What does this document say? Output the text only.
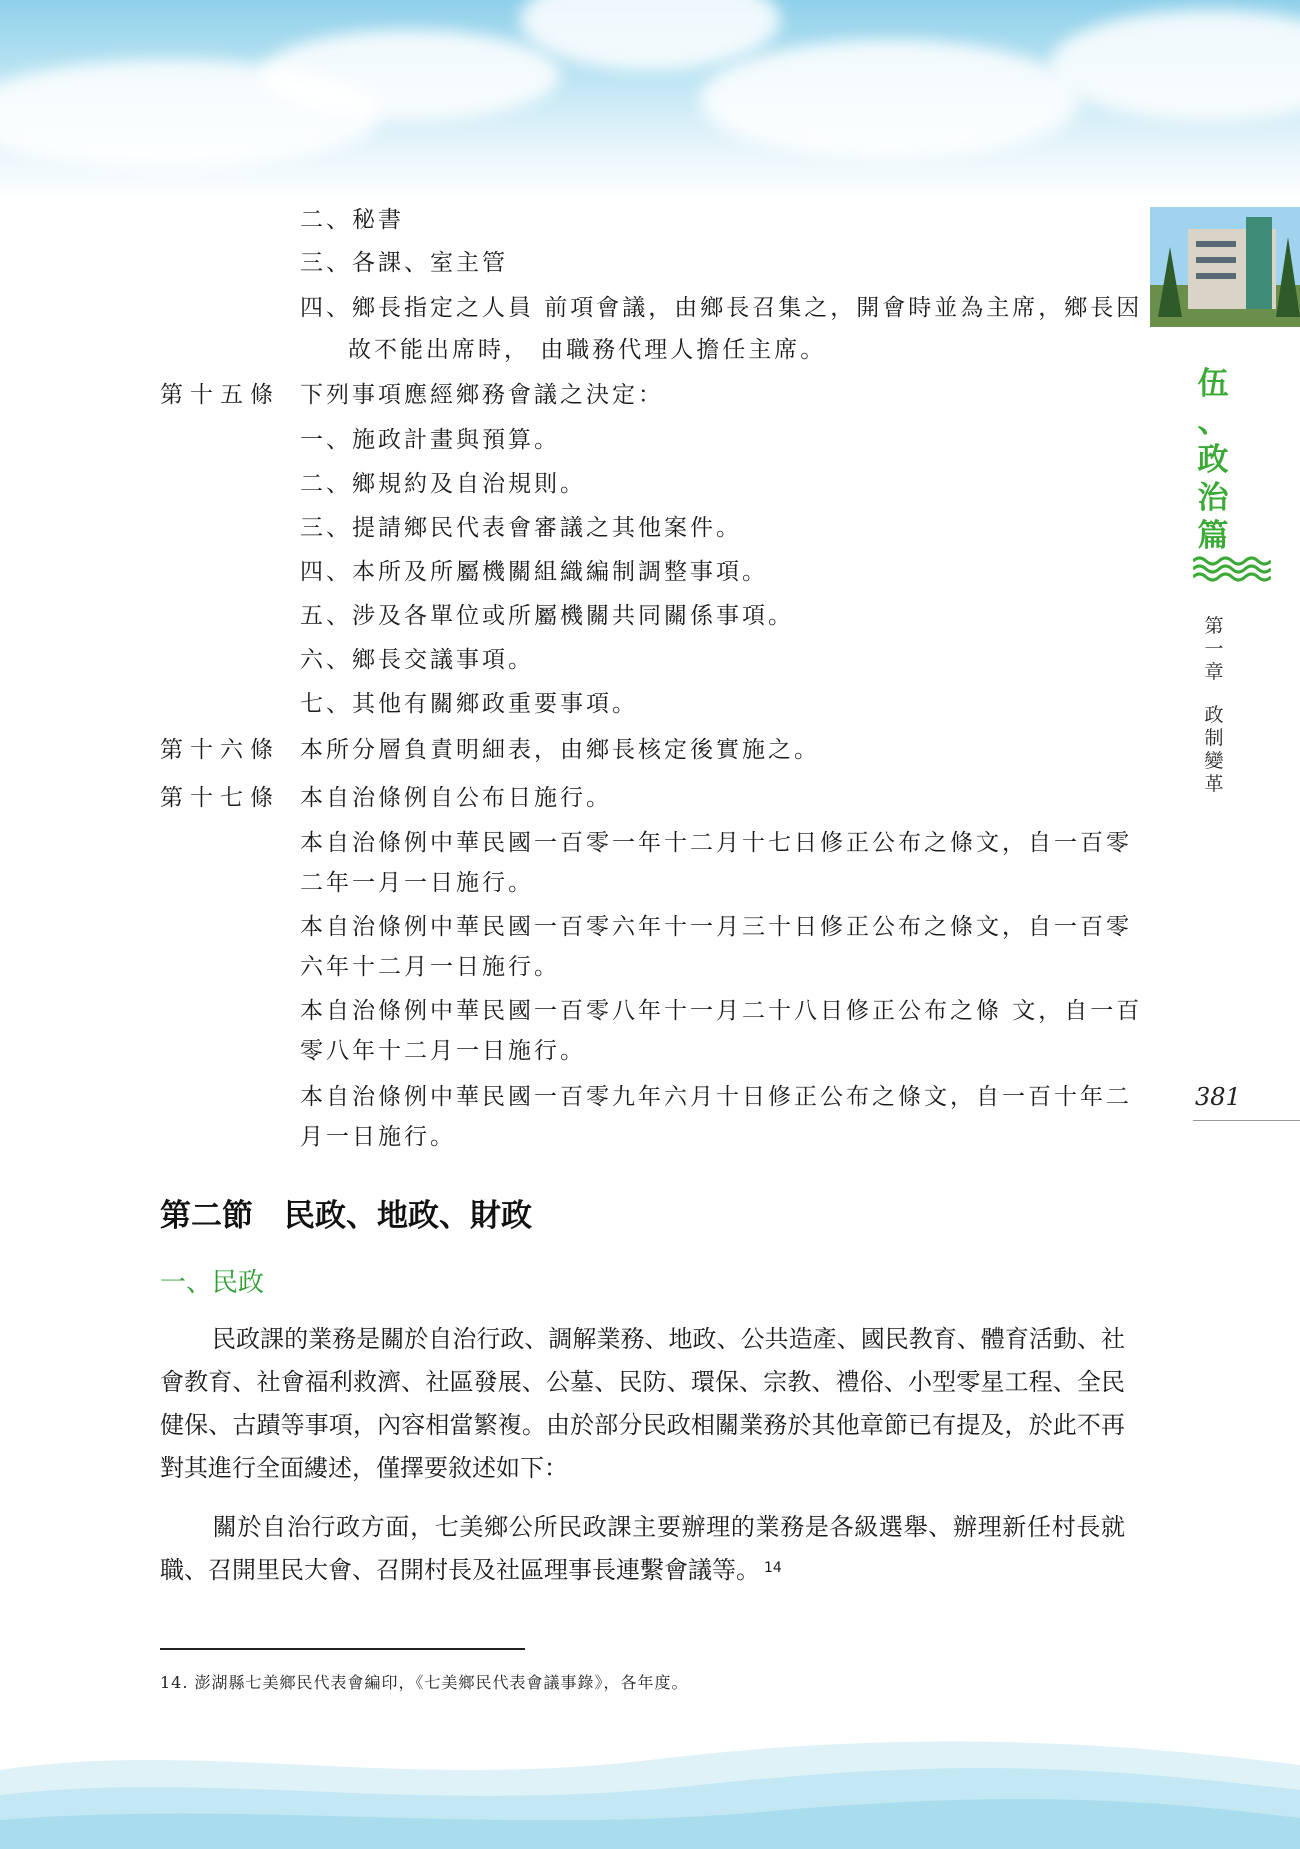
伍
、
政
治
篇
第
一
章
政
制
變
革
381
二、秘書
三、各課、室主管
四、鄉長指定之人員 前項會議，由鄉長召集之，開會時並為主席，鄉長因
故不能出席時， 由職務代理人擔任主席。
第十五條 下列事項應經鄉務會議之決定：
一、施政計畫與預算。
二、鄉規約及自治規則。
三、提請鄉民代表會審議之其他案件。
四、本所及所屬機關組織編制調整事項。
五、涉及各單位或所屬機關共同關係事項。
六、鄉長交議事項。
七、其他有關鄉政重要事項。
第十六條 本所分層負責明細表，由鄉長核定後實施之。
第十七條 本自治條例自公布日施行。
本自治條例中華民國一百零一年十二月十七日修正公布之條文，自一百零
二年一月一日施行。
本自治條例中華民國一百零六年十一月三十日修正公布之條文，自一百零
六年十二月一日施行。
本自治條例中華民國一百零八年十一月二十八日修正公布之條 文，自一百
零八年十二月一日施行。
本自治條例中華民國一百零九年六月十日修正公布之條文，自一百十年二
月一日施行。
第二節　民政、地政、財政
一、民政
民政課的業務是關於自治行政、調解業務、地政、公共造產、國民教育、體育活動、社會教育、社會福利救濟、社區發展、公墓、民防、環保、宗教、禮俗、小型零星工程、全民健保、古蹟等事項，內容相當繁複。由於部分民政相關業務於其他章節已有提及，於此不再對其進行全面縷述，僅擇要敘述如下：
關於自治行政方面，七美鄉公所民政課主要辦理的業務是各級選舉、辦理新任村長就職、召開里民大會、召開村長及社區理事長連繫會議等。 $^{14}$
14. 澎湖縣七美鄉民代表會編印，《七美鄉民代表會議事錄》，各年度。
